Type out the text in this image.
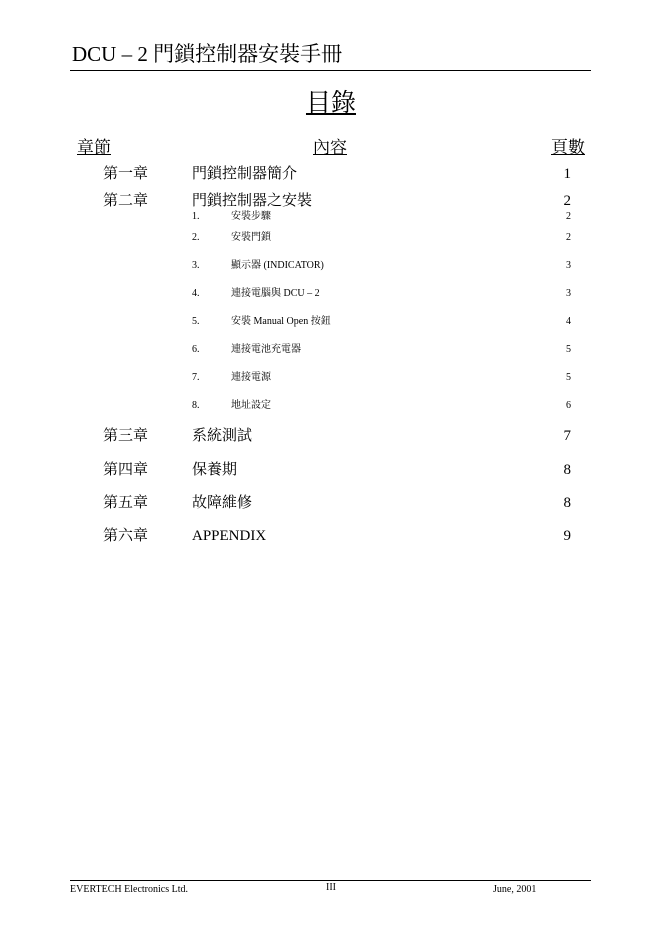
DCU – 2 門鎖控制器安裝手冊
目錄
章節	內容	頁數
第一章	門鎖控制器簡介	1
第二章	門鎖控制器之安裝	2
1.	安裝步驟	2
2.	安裝門鎖	2
3.	顯示器 (INDICATOR)	3
4.	連接電腦與 DCU – 2	3
5.	安裝 Manual Open 按鈕	4
6.	連接電池充電器	5
7.	連接電源	5
8.	地址設定	6
第三章	系統測試	7
第四章	保養期	8
第五章	故障維修	8
第六章	APPENDIX	9
EVERTECH Electronics Ltd.	III	June, 2001
